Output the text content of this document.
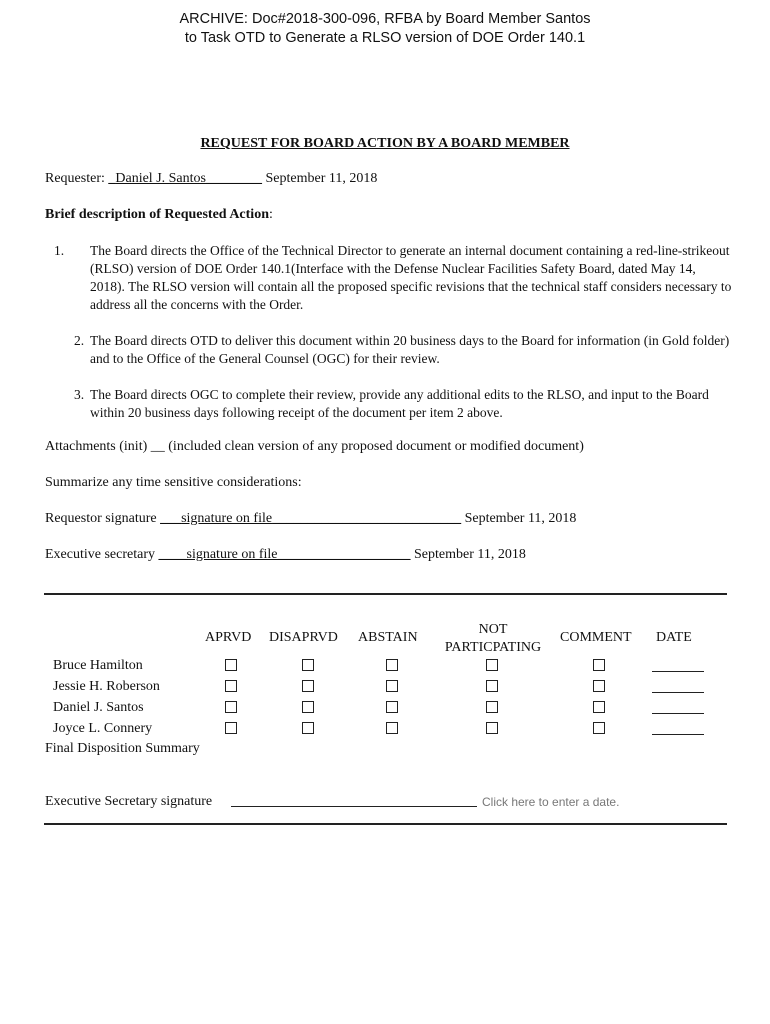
ARCHIVE: Doc#2018-300-096, RFBA by Board Member Santos
to Task OTD to Generate a RLSO version of DOE Order 140.1
REQUEST FOR BOARD ACTION BY A BOARD MEMBER
Requester: _Daniel J. Santos________ September 11, 2018
Brief description of Requested Action:
1. The Board directs the Office of the Technical Director to generate an internal document containing a red-line-strikeout (RLSO) version of DOE Order 140.1(Interface with the Defense Nuclear Facilities Safety Board, dated May 14, 2018). The RLSO version will contain all the proposed specific revisions that the technical staff considers necessary to address all the concerns with the Order.
2. The Board directs OTD to deliver this document within 20 business days to the Board for information (in Gold folder) and to the Office of the General Counsel (OGC) for their review.
3. The Board directs OGC to complete their review, provide any additional edits to the RLSO, and input to the Board within 20 business days following receipt of the document per item 2 above.
Attachments (init) __ (included clean version of any proposed document or modified document)
Summarize any time sensitive considerations:
Requestor signature ___signature on file___________________________ September 11, 2018
Executive secretary ____signature on file___________________ September 11, 2018
APRVD DISAPRVD ABSTAIN
NOT
PARTICPATING
COMMENT DATE
Bruce Hamilton
Jessie H. Roberson
Daniel J. Santos
Joyce L. Connery
Final Disposition Summary
Executive Secretary signature	Click here to enter a date.
